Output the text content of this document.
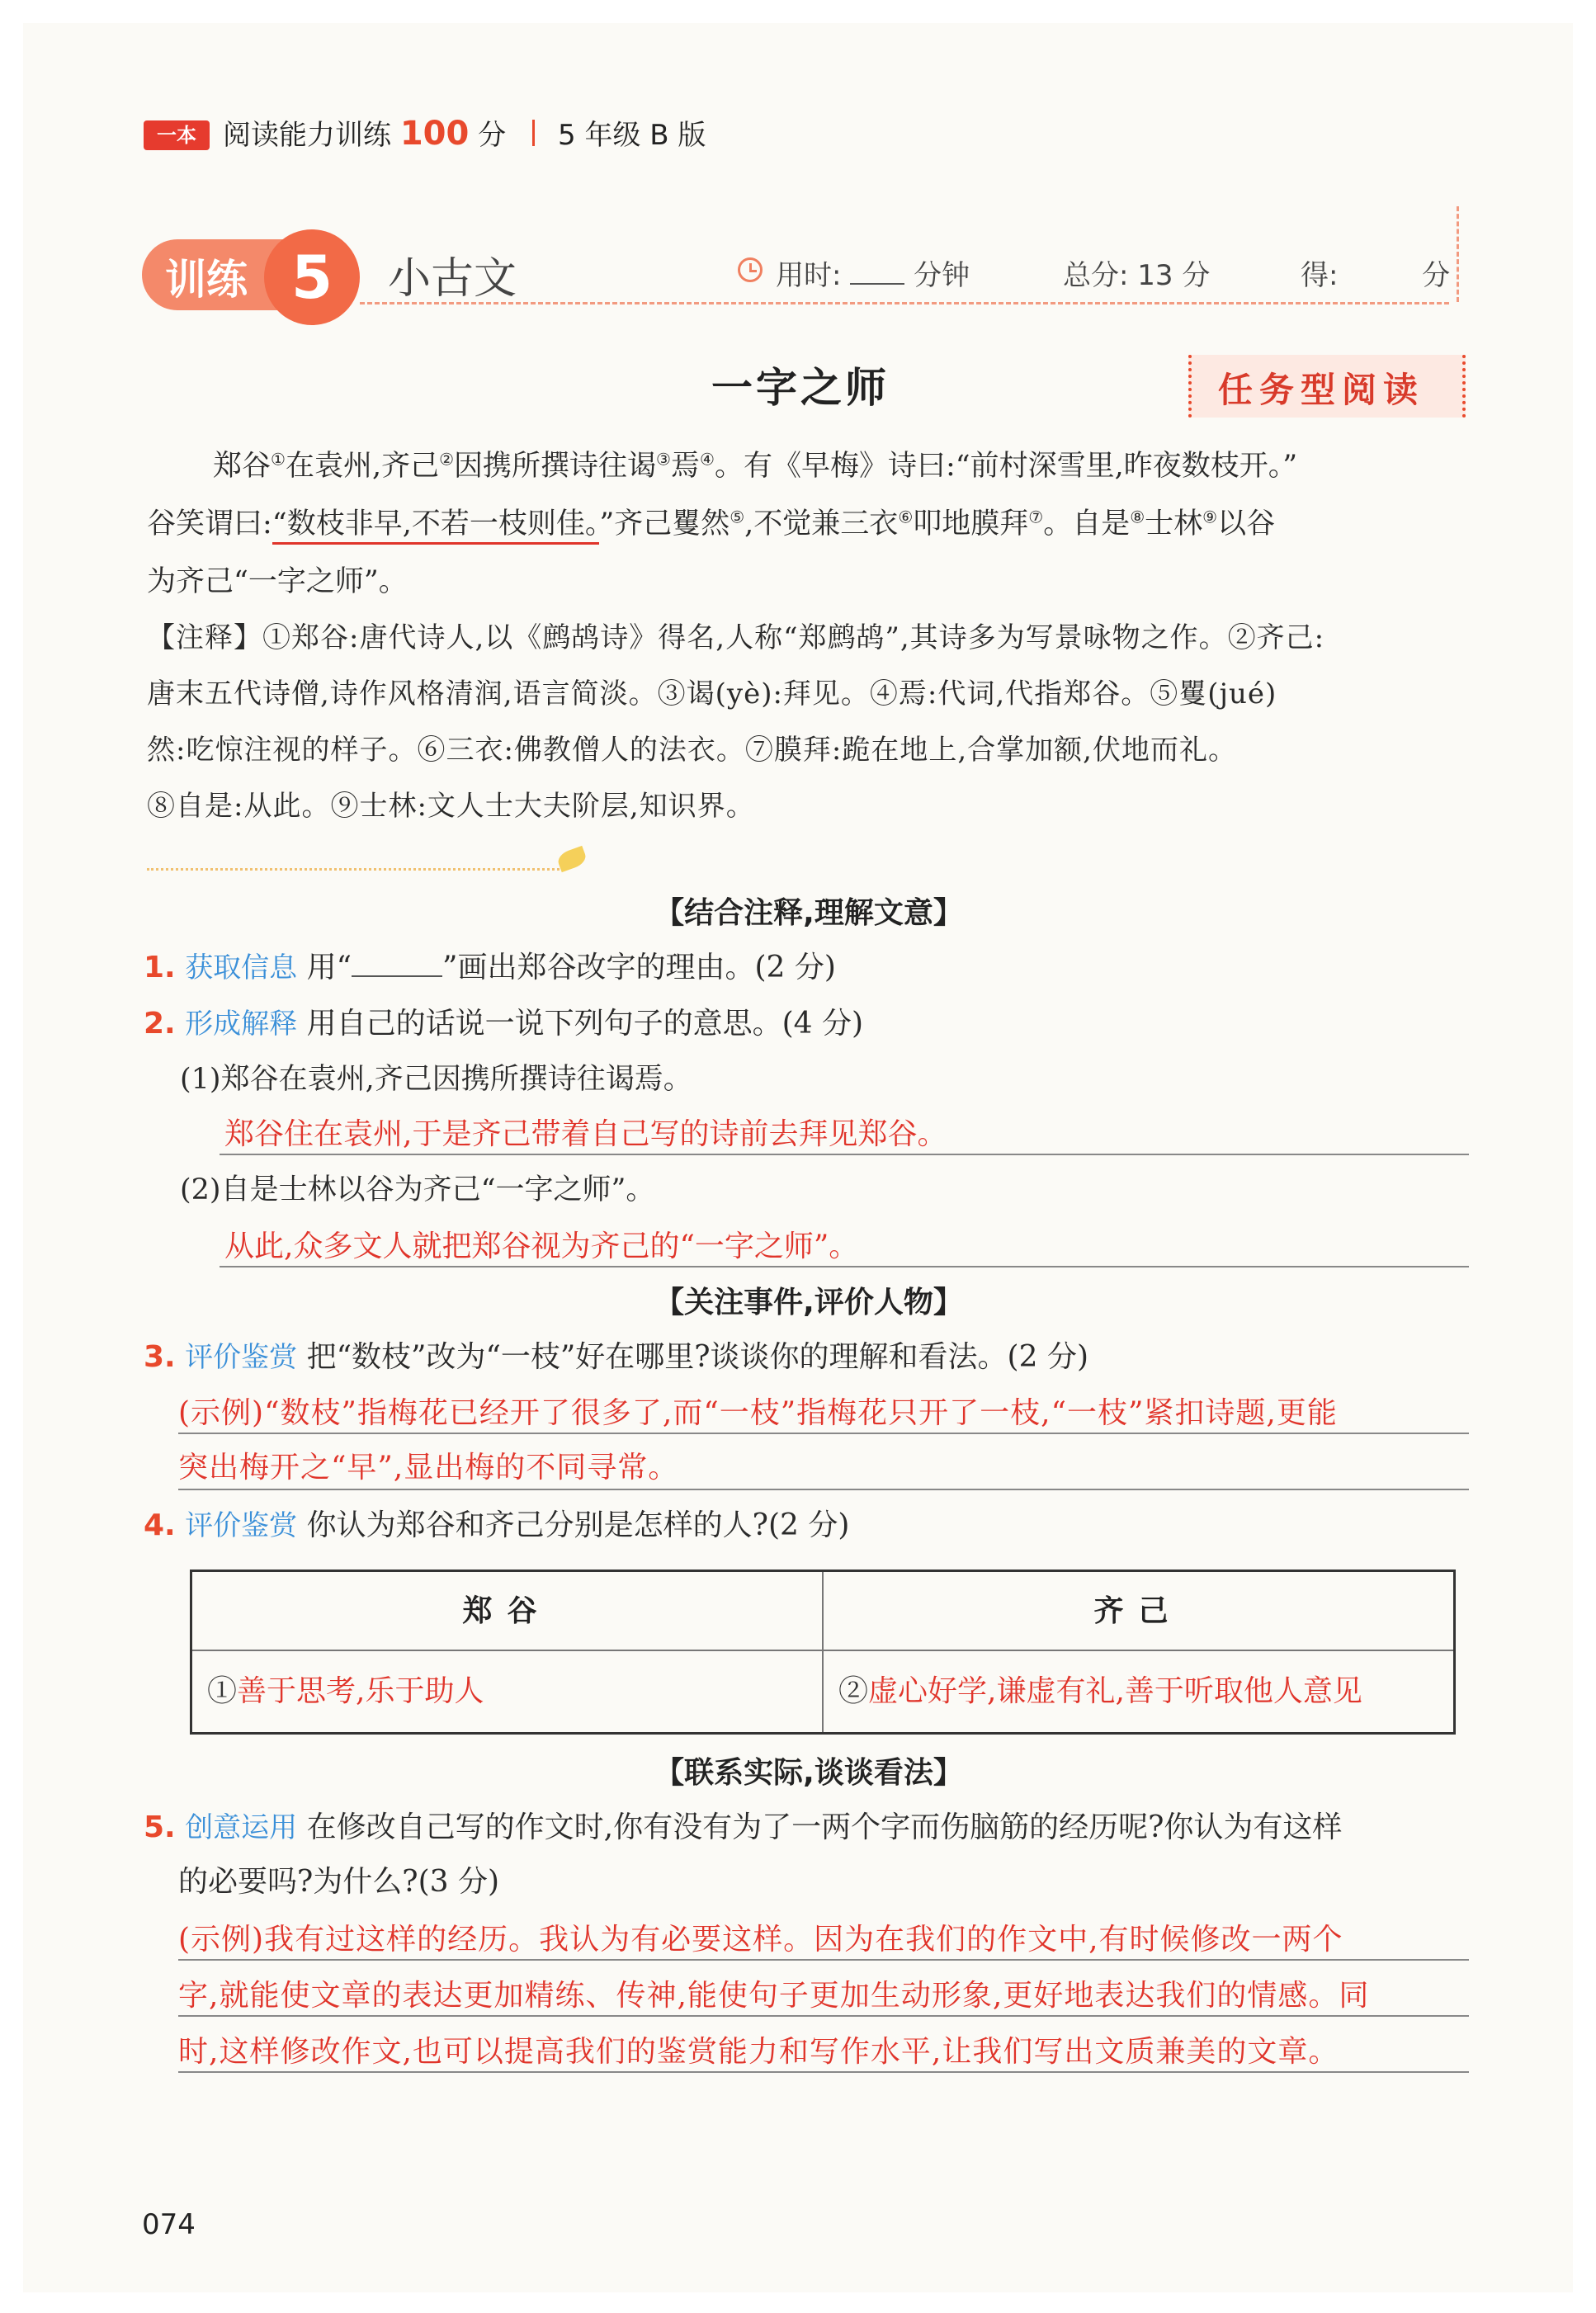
一本 阅读能力训练 100 分 5 年级 B 版
训练 5	小古文	用时:	分钟	总分: 13 分	得:	分
一字之师	任务型阅读
郑谷①在袁州,齐己②因携所撰诗往谒③焉④。有《早梅》诗曰:“前村深雪里,昨夜数枝开。”
谷笑谓曰:“数枝非早,不若一枝则佳。”齐己矍然⑤,不觉兼三衣⑥叩地膜拜⑦。自是⑧士林⑨以谷
为齐己“一字之师”。
【注释】①郑谷:唐代诗人,以《鹧鸪诗》得名,人称“郑鹧鸪”,其诗多为写景咏物之作。②齐己:
唐末五代诗僧,诗作风格清润,语言简淡。③谒(yè):拜见。④焉:代词,代指郑谷。⑤矍(jué)
然:吃惊注视的样子。⑥三衣:佛教僧人的法衣。⑦膜拜:跪在地上,合掌加额,伏地而礼。
⑧自是:从此。⑨士林:文人士大夫阶层,知识界。
【结合注释,理解文意】
1. 获取信息 用“	”画出郑谷改字的理由。(2 分)
2. 形成解释 用自己的话说一说下列句子的意思。(4 分)
(1)郑谷在袁州,齐己因携所撰诗往谒焉。
郑谷住在袁州,于是齐己带着自己写的诗前去拜见郑谷。
(2)自是士林以谷为齐己“一字之师”。
从此,众多文人就把郑谷视为齐己的“一字之师”。
【关注事件,评价人物】
3. 评价鉴赏 把“数枝”改为“一枝”好在哪里?谈谈你的理解和看法。(2 分)
(示例)“数枝”指梅花已经开了很多了,而“一枝”指梅花只开了一枝,“一枝”紧扣诗题,更能
突出梅开之“早”,显出梅的不同寻常。
4. 评价鉴赏 你认为郑谷和齐己分别是怎样的人?(2 分)
郑谷	齐己
①善于思考,乐于助人	②虚心好学,谦虚有礼,善于听取他人意见
【联系实际,谈谈看法】
5. 创意运用 在修改自己写的作文时,你有没有为了一两个字而伤脑筋的经历呢?你认为有这样
的必要吗?为什么?(3 分)
(示例)我有过这样的经历。我认为有必要这样。因为在我们的作文中,有时候修改一两个
字,就能使文章的表达更加精练、传神,能使句子更加生动形象,更好地表达我们的情感。同
时,这样修改作文,也可以提高我们的鉴赏能力和写作水平,让我们写出文质兼美的文章。
074
